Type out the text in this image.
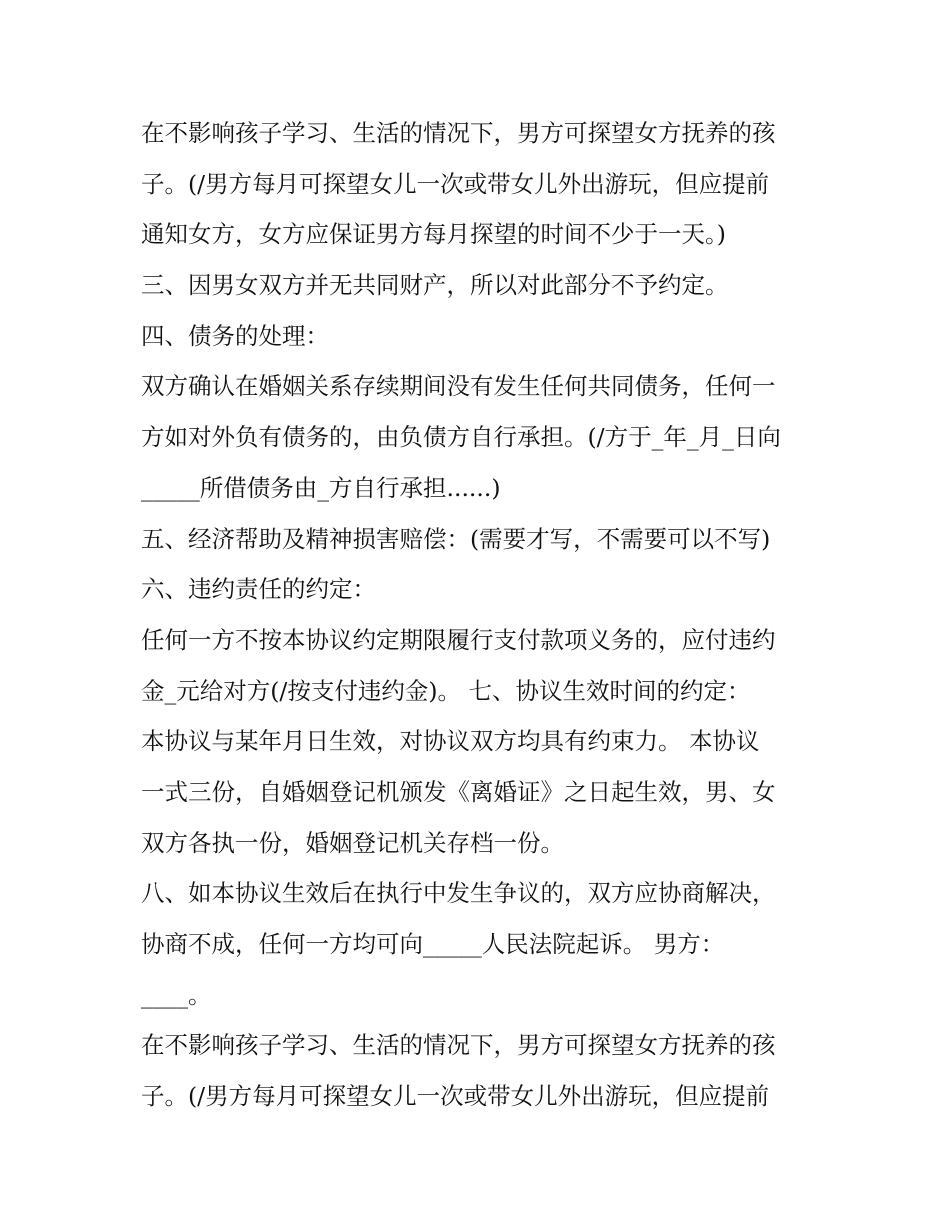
在不影响孩子学习、生活的情况下，男方可探望女方抚养的孩
子。(/男方每月可探望女儿一次或带女儿外出游玩，但应提前
通知女方，女方应保证男方每月探望的时间不少于一天。)
三、因男女双方并无共同财产，所以对此部分不予约定。
四、债务的处理：
双方确认在婚姻关系存续期间没有发生任何共同债务，任何一
方如对外负有债务的，由负债方自行承担。(/方于_年_月_日向
_____所借债务由_方自行承担......)
五、经济帮助及精神损害赔偿：(需要才写，不需要可以不写)
六、违约责任的约定：
任何一方不按本协议约定期限履行支付款项义务的，应付违约
金_元给对方(/按支付违约金)。 七、协议生效时间的约定：
本协议与某年月日生效，对协议双方均具有约束力。 本协议
一式三份，自婚姻登记机颁发《离婚证》之日起生效，男、女
双方各执一份，婚姻登记机关存档一份。
八、如本协议生效后在执行中发生争议的，双方应协商解决，
协商不成，任何一方均可向_____人民法院起诉。 男方：
____。
在不影响孩子学习、生活的情况下，男方可探望女方抚养的孩
子。(/男方每月可探望女儿一次或带女儿外出游玩，但应提前
